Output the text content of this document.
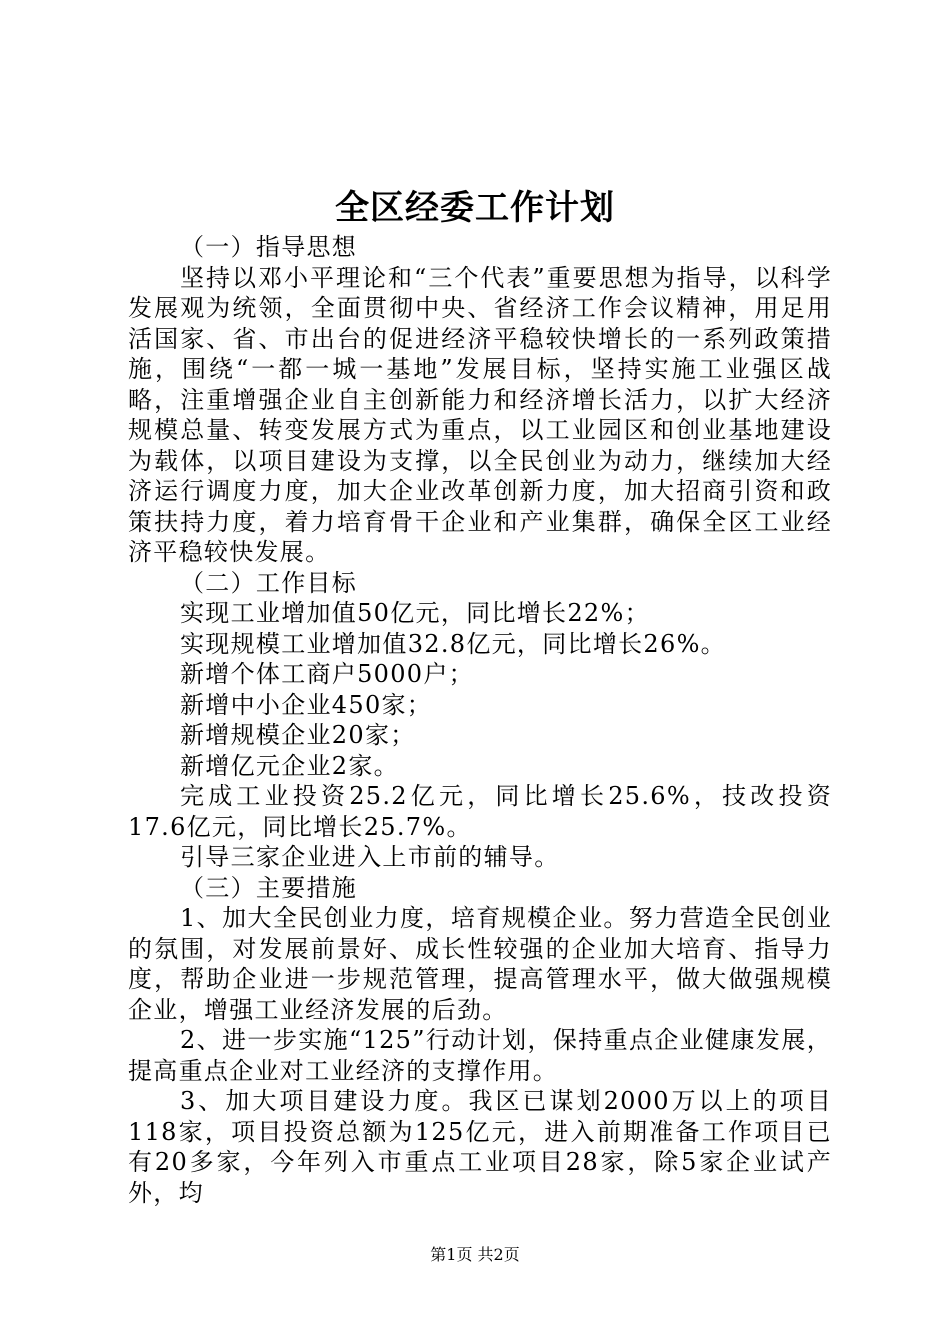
全区经委工作计划

（一）指导思想

坚持以邓小平理论和“三个代表”重要思想为指导，以科学发展观为统领，全面贯彻中央、省经济工作会议精神，用足用活国家、省、市出台的促进经济平稳较快增长的一系列政策措施，围绕“一都一城一基地”发展目标，坚持实施工业强区战略，注重增强企业自主创新能力和经济增长活力，以扩大经济规模总量、转变发展方式为重点，以工业园区和创业基地建设为载体，以项目建设为支撑，以全民创业为动力，继续加大经济运行调度力度，加大企业改革创新力度，加大招商引资和政策扶持力度，着力培育骨干企业和产业集群，确保全区工业经济平稳较快发展。

（二）工作目标

实现工业增加值50亿元，同比增长22%；

实现规模工业增加值32.8亿元，同比增长26%。

新增个体工商户5000户；

新增中小企业450家；

新增规模企业20家；

新增亿元企业2家。

完成工业投资25.2亿元，同比增长25.6%，技改投资17.6亿元，同比增长25.7%。

引导三家企业进入上市前的辅导。

（三）主要措施

1、加大全民创业力度，培育规模企业。努力营造全民创业的氛围，对发展前景好、成长性较强的企业加大培育、指导力度，帮助企业进一步规范管理，提高管理水平，做大做强规模企业，增强工业经济发展的后劲。

2、进一步实施“125”行动计划，保持重点企业健康发展，提高重点企业对工业经济的支撑作用。

3、加大项目建设力度。我区已谋划2000万以上的项目118家，项目投资总额为125亿元，进入前期准备工作项目已有20多家，今年列入市重点工业项目28家，除5家企业试产外，均

第1页 共2页
